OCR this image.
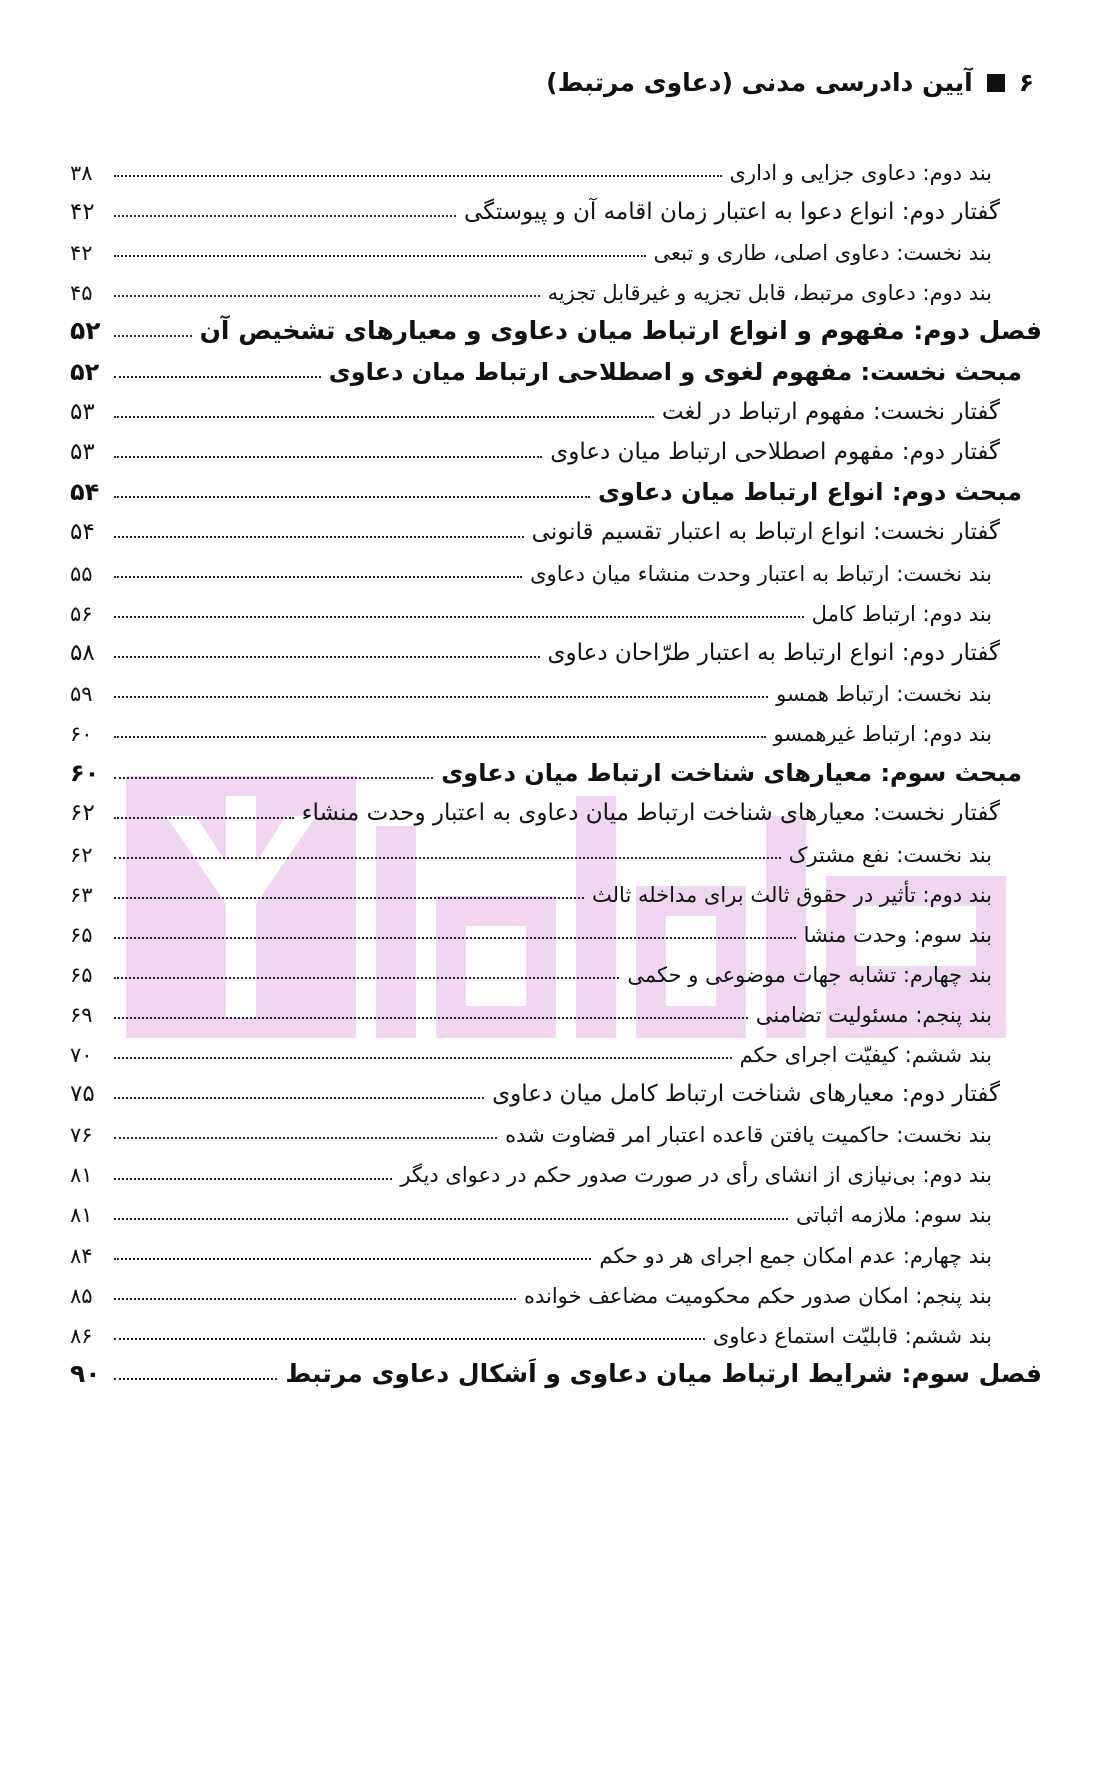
۶
آیین دادرسی مدنی (دعاوی مرتبط)
بند دوم: دعاوی جزایی و اداری
۳۸
گفتار دوم: انواع دعوا به اعتبار زمان اقامه آن و پیوستگی
۴۲
بند نخست: دعاوی اصلی، طاری و تبعی
۴۲
بند دوم: دعاوی مرتبط، قابل تجزیه و غیرقابل تجزیه
۴۵
فصل دوم: مفهوم و انواع ارتباط میان دعاوی و معیارهای تشخیص آن
۵۲
مبحث نخست: مفهوم لغوی و اصطلاحی ارتباط میان دعاوی
۵۲
گفتار نخست: مفهوم ارتباط در لغت
۵۳
گفتار دوم: مفهوم اصطلاحی ارتباط میان دعاوی
۵۳
مبحث دوم: انواع ارتباط میان دعاوی
۵۴
گفتار نخست: انواع ارتباط به اعتبار تقسیم قانونی
۵۴
بند نخست: ارتباط به اعتبار وحدت منشاء میان دعاوی
۵۵
بند دوم: ارتباط کامل
۵۶
گفتار دوم: انواع ارتباط به اعتبار طرّاحان دعاوی
۵۸
بند نخست: ارتباط همسو
۵۹
بند دوم: ارتباط غیرهمسو
۶۰
مبحث سوم: معیارهای شناخت ارتباط میان دعاوی
۶۰
گفتار نخست: معیارهای شناخت ارتباط میان دعاوی به اعتبار وحدت منشاء
۶۲
بند نخست: نفع مشترک
۶۲
بند دوم: تأثیر در حقوق ثالث برای مداخله ثالث
۶۳
بند سوم: وحدت منشا
۶۵
بند چهارم: تشابه جهات موضوعی و حکمی
۶۵
بند پنجم: مسئولیت تضامنی
۶۹
بند ششم: کیفیّت اجرای حکم
۷۰
گفتار دوم: معیارهای شناخت ارتباط کامل میان دعاوی
۷۵
بند نخست: حاکمیت یافتن قاعده اعتبار امر قضاوت شده
۷۶
بند دوم: بی‌نیازی از انشای رأی در صورت صدور حکم در دعوای دیگر
۸۱
بند سوم: ملازمه اثباتی
۸۱
بند چهارم: عدم امکان جمع اجرای هر دو حکم
۸۴
بند پنجم: امکان صدور حکم محکومیت مضاعف خوانده
۸۵
بند ششم: قابلیّت استماع دعاوی
۸۶
فصل سوم: شرایط ارتباط میان دعاوی و اَشکال دعاوی مرتبط
۹۰
